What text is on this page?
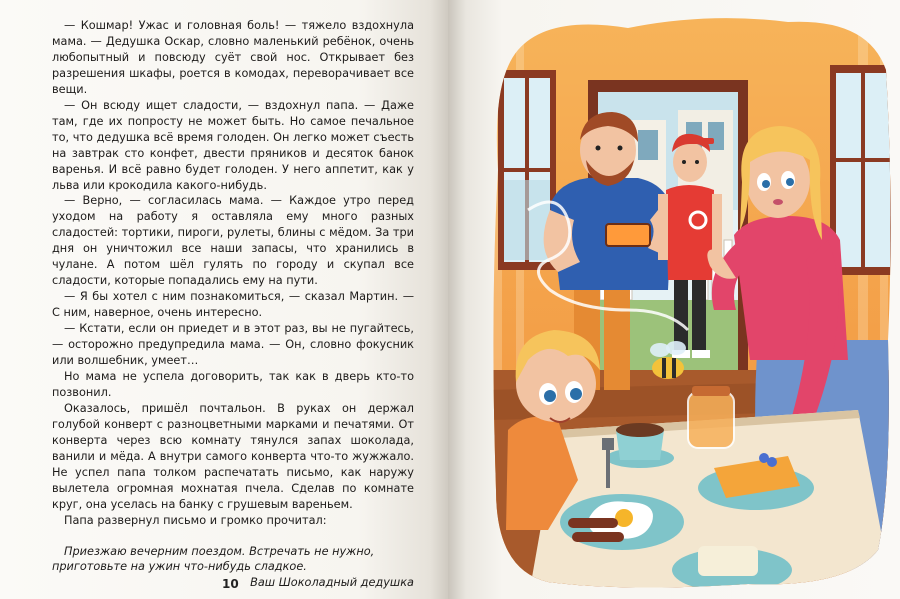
— Кошмар! Ужас и головная боль! — тяжело вздохнула мама. — Дедушка Оскар, словно маленький ребёнок, очень любопытный и повсюду суёт свой нос. Открывает без разрешения шкафы, роется в комодах, переворачивает все вещи.

— Он всюду ищет сладости, — вздохнул папа. — Даже там, где их попросту не может быть. Но самое печальное то, что дедушка всё время голоден. Он легко может съесть на завтрак сто конфет, двести пряников и десяток банок варенья. И всё равно будет голоден. У него аппетит, как у льва или крокодила какого-нибудь.

— Верно, — согласилась мама. — Каждое утро перед уходом на работу я оставляла ему много разных сладостей: тортики, пироги, рулеты, блины с мёдом. За три дня он уничтожил все наши запасы, что хранились в чулане. А потом шёл гулять по городу и скупал все сладости, которые попадались ему на пути.

— Я бы хотел с ним познакомиться, — сказал Мартин. — С ним, наверное, очень интересно.

— Кстати, если он приедет и в этот раз, вы не пугайтесь, — осторожно предупредила мама. — Он, словно фокусник или волшебник, умеет…

Но мама не успела договорить, так как в дверь кто-то позвонил.

Оказалось, пришёл почтальон. В руках он держал голубой конверт с разноцветными марками и печатями. От конверта через всю комнату тянулся запах шоколада, ванили и мёда. А внутри самого конверта что-то жужжало. Не успел папа толком распечатать письмо, как наружу вылетела огромная мохнатая пчела. Сделав по комнате круг, она уселась на банку с грушевым вареньем.

Папа развернул письмо и громко прочитал:

Приезжаю вечерним поездом. Встречать не нужно, приготовьте на ужин что-нибудь сладкое.

Ваш Шоколадный дедушка

10
